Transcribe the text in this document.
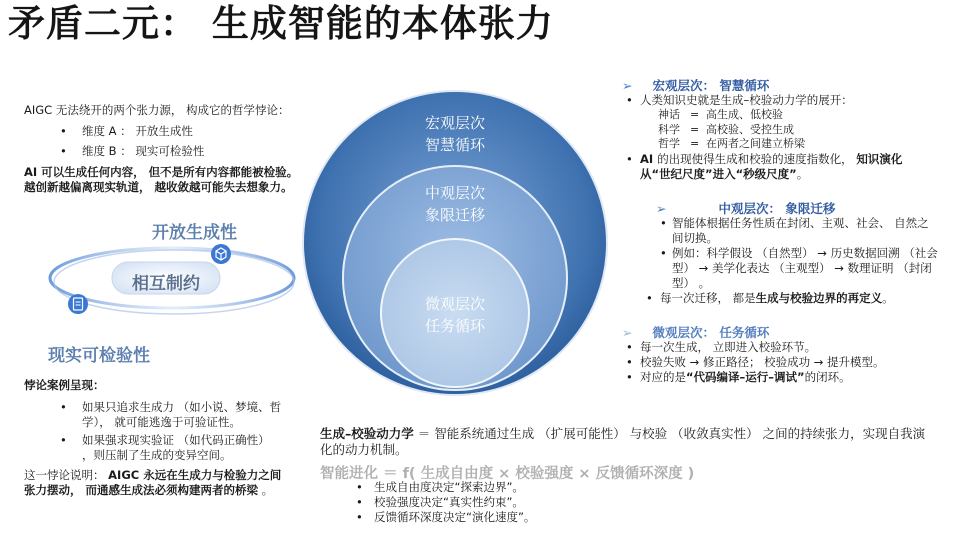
矛盾二元： 生成智能的本体张力
AIGC 无法绕开的两个张力源， 构成它的哲学悖论：
•	维度 A ： 开放生成性
•	维度 B ： 现实可检验性
AI 可以生成任何内容， 但不是所有内容都能被检验。越创新越偏离现实轨道， 越收敛越可能失去想象力。
开放生成性
相互制约
现实可检验性
悖论案例呈现：
•	如果只追求生成力 （如小说、梦境、哲学）， 就可能逃逸于可验证性。
•	如果强求现实验证 （如代码正确性） ，则压制了生成的变异空间。
这一悖论说明： AIGC 永远在生成力与检验力之间张力摆动， 而通感生成法必须构建两者的桥梁 。
宏观层次
智慧循环
中观层次
象限迁移
微观层次
任务循环
➢ 宏观层次： 智慧循环
• 人类知识史就是生成–校验动力学的展开：
神话 = 高生成、低校验
科学 = 高校验、受控生成
哲学 = 在两者之间建立桥梁
• AI 的出现使得生成和校验的速度指数化， 知识演化从“世纪尺度”进入“秒级尺度”。
➢	中观层次： 象限迁移
• 智能体根据任务性质在封闭、主观、社会、 自然之间切换。
• 例如：科学假设 （自然型） → 历史数据回溯 （社会型） → 美学化表达 （主观型） → 数理证明 （封闭型） 。
• 每一次迁移， 都是生成与校验边界的再定义。
➢ 微观层次： 任务循环
• 每一次生成， 立即进入校验环节。
• 校验失败 → 修正路径； 校验成功 → 提升模型。
• 对应的是“代码编译–运行–调试”的闭环。
生成–校验动力学 ＝ 智能系统通过生成 （扩展可能性） 与校验 （收敛真实性） 之间的持续张力，实现自我演化的动力机制。
智能进化 ＝ f( 生成自由度 × 校验强度 × 反馈循环深度 )
• 生成自由度决定“探索边界”。
• 校验强度决定“真实性约束”。
• 反馈循环深度决定“演化速度”。
